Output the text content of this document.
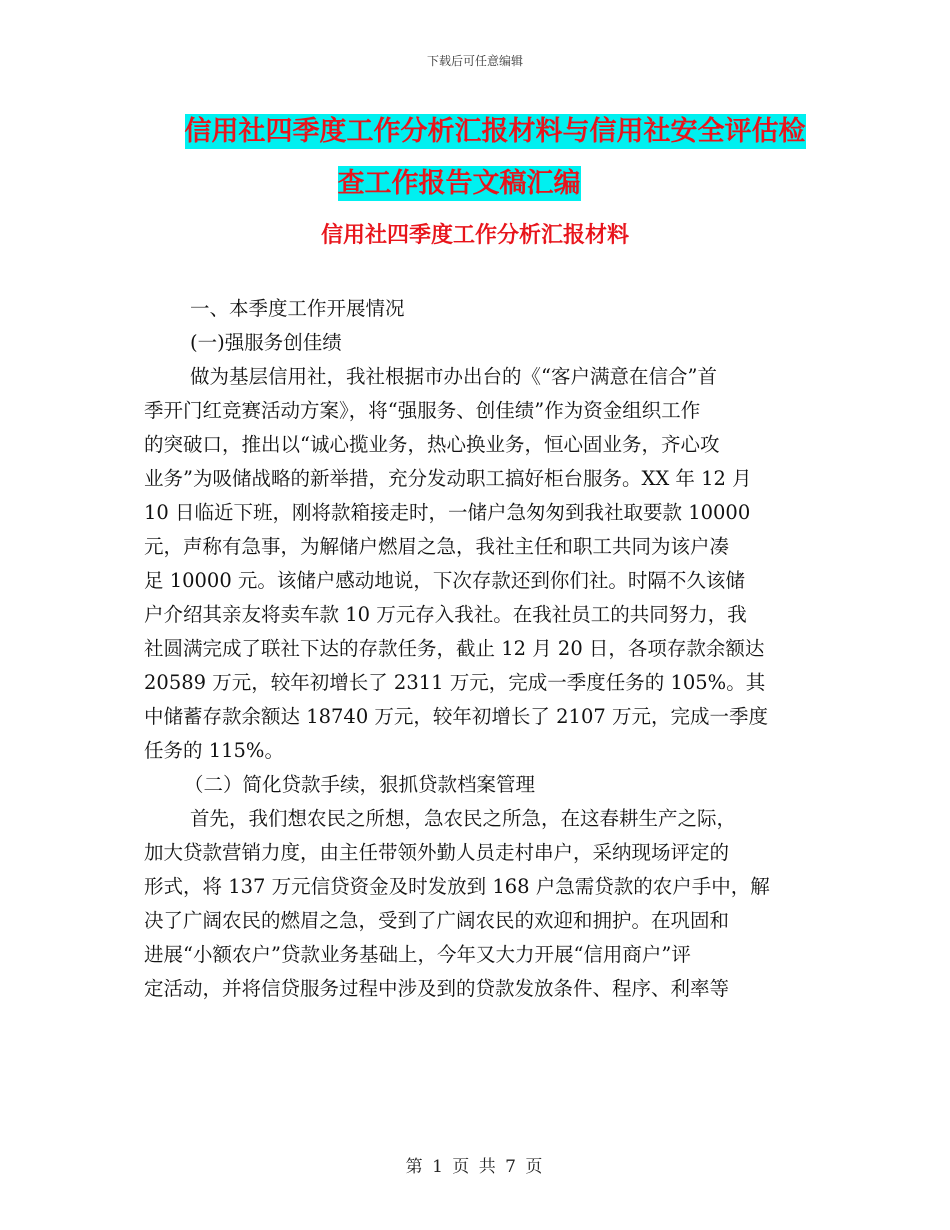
下载后可任意编辑
信用社四季度工作分析汇报材料与信用社安全评估检
查工作报告文稿汇编
信用社四季度工作分析汇报材料
一、本季度工作开展情况
(一)强服务创佳绩
做为基层信用社，我社根据市办出台的《“客户满意在信合”首
季开门红竞赛活动方案》，将“强服务、创佳绩”作为资金组织工作
的突破口，推出以“诚心揽业务，热心换业务，恒心固业务，齐心攻
业务”为吸储战略的新举措，充分发动职工搞好柜台服务。XX 年 12 月
10 日临近下班，刚将款箱接走时，一储户急匆匆到我社取要款 10000
元，声称有急事，为解储户燃眉之急，我社主任和职工共同为该户凑
足 10000 元。该储户感动地说，下次存款还到你们社。时隔不久该储
户介绍其亲友将卖车款 10 万元存入我社。在我社员工的共同努力，我
社圆满完成了联社下达的存款任务，截止 12 月 20 日，各项存款余额达
20589 万元，较年初增长了 2311 万元，完成一季度任务的 105%。其
中储蓄存款余额达 18740 万元，较年初增长了 2107 万元，完成一季度
任务的 115%。
（二）简化贷款手续，狠抓贷款档案管理
首先，我们想农民之所想，急农民之所急，在这春耕生产之际，
加大贷款营销力度，由主任带领外勤人员走村串户，采纳现场评定的
形式，将 137 万元信贷资金及时发放到 168 户急需贷款的农户手中，解
决了广阔农民的燃眉之急，受到了广阔农民的欢迎和拥护。在巩固和
进展“小额农户”贷款业务基础上，今年又大力开展“信用商户”评
定活动，并将信贷服务过程中涉及到的贷款发放条件、程序、利率等
第 1 页 共 7 页
